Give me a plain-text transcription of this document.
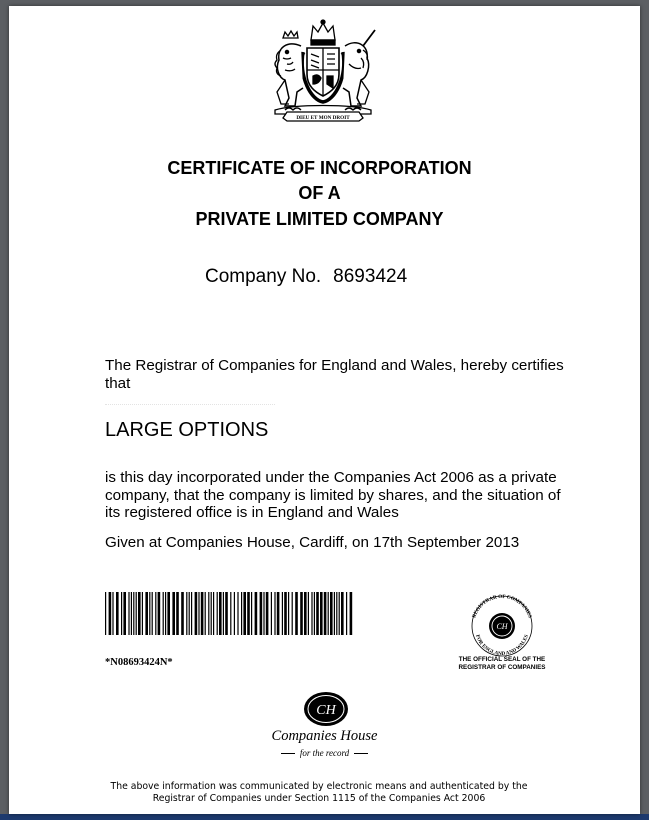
DIEU ET MON DROIT
CERTIFICATE OF INCORPORATION
OF A
PRIVATE LIMITED COMPANY
Company No. 8693424
The Registrar of Companies for England and Wales, hereby certifies that
LARGE OPTIONS
is this day incorporated under the Companies Act 2006 as a private company, that the company is limited by shares, and the situation of its registered office is in England and Wales
Given at Companies House, Cardiff, on 17th September 2013
*N08693424N*
REGISTRAR OF COMPANIES
FOR ENGLAND AND WALES
CH
THE OFFICIAL SEAL OF THE
REGISTRAR OF COMPANIES
CH
Companies House
for the record
The above information was communicated by electronic means and authenticated by the
Registrar of Companies under Section 1115 of the Companies Act 2006
